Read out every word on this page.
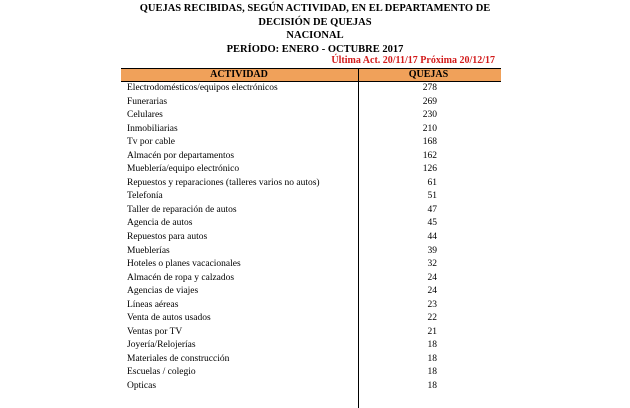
QUEJAS RECIBIDAS, SEGÚN ACTIVIDAD, EN EL DEPARTAMENTO DE
DECISIÓN DE QUEJAS
NACIONAL
PERÍODO: ENERO - OCTUBRE 2017
Última Act. 20/11/17 Próxima 20/12/17
ACTIVIDAD	QUEJAS
Electrodomésticos/equipos electrónicos	278
Funerarias	269
Celulares	230
Inmobiliarias	210
Tv por cable	168
Almacén por departamentos	162
Mueblería/equipo electrónico	126
Repuestos y reparaciones (talleres varios no autos)	61
Telefonía	51
Taller de reparación de autos	47
Agencia de autos	45
Repuestos para autos	44
Mueblerías	39
Hoteles o planes vacacionales	32
Almacén de ropa y calzados	24
Agencias de viajes	24
Líneas aéreas	23
Venta de autos usados	22
Ventas por TV	21
Joyería/Relojerías	18
Materiales de construcción	18
Escuelas / colegio	18
Opticas	18
